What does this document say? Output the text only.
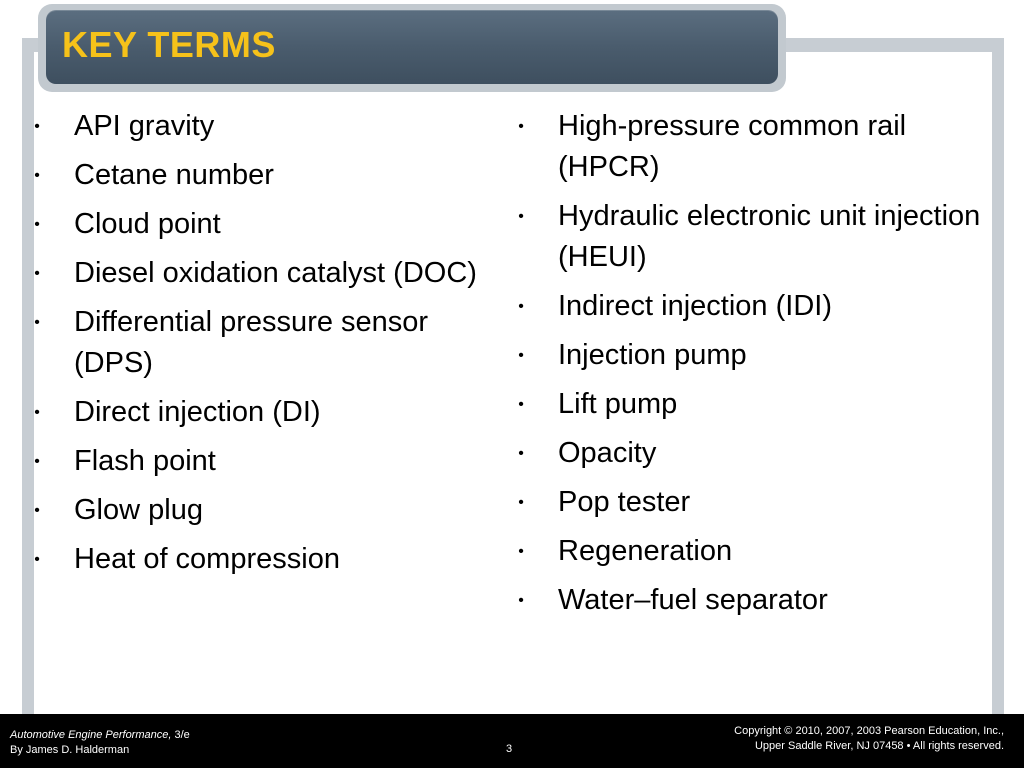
KEY TERMS
• API gravity
• Cetane number
• Cloud point
• Diesel oxidation catalyst (DOC)
• Differential pressure sensor (DPS)
• Direct injection (DI)
• Flash point
• Glow plug
• Heat of compression
• High-pressure common rail (HPCR)
• Hydraulic electronic unit injection (HEUI)
• Indirect injection (IDI)
• Injection pump
• Lift pump
• Opacity
• Pop tester
• Regeneration
• Water–fuel separator
Automotive Engine Performance, 3/e
By James D. Halderman	3
Copyright © 2010, 2007, 2003 Pearson Education, Inc.,
Upper Saddle River, NJ 07458 • All rights reserved.
